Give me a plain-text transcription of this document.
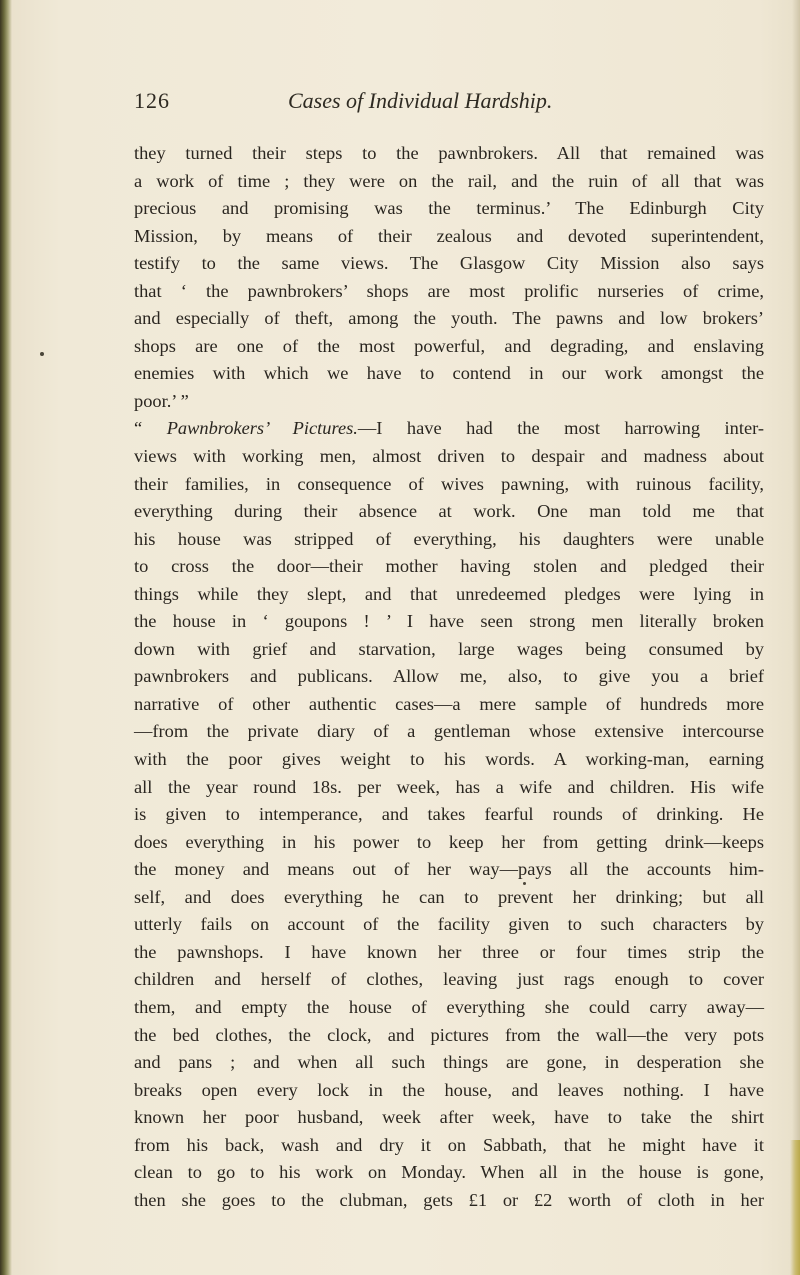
126	Cases of Individual Hardship.
they turned their steps to the pawnbrokers. All that remained was
a work of time ; they were on the rail, and the ruin of all that was
precious and promising was the terminus.’ The Edinburgh City
Mission, by means of their zealous and devoted superintendent,
testify to the same views. The Glasgow City Mission also says
that ‘ the pawnbrokers’ shops are most prolific nurseries of crime,
and especially of theft, among the youth. The pawns and low brokers’
shops are one of the most powerful, and degrading, and enslaving
enemies with which we have to contend in our work amongst the
poor.’ ”
“ Pawnbrokers’ Pictures.—I have had the most harrowing inter-
views with working men, almost driven to despair and madness about
their families, in consequence of wives pawning, with ruinous facility,
everything during their absence at work. One man told me that
his house was stripped of everything, his daughters were unable
to cross the door—their mother having stolen and pledged their
things while they slept, and that unredeemed pledges were lying in
the house in ‘ goupons ! ’ I have seen strong men literally broken
down with grief and starvation, large wages being consumed by
pawnbrokers and publicans. Allow me, also, to give you a brief
narrative of other authentic cases—a mere sample of hundreds more
—from the private diary of a gentleman whose extensive intercourse
with the poor gives weight to his words. A working-man, earning
all the year round 18s. per week, has a wife and children. His wife
is given to intemperance, and takes fearful rounds of drinking. He
does everything in his power to keep her from getting drink—keeps
the money and means out of her way—pays all the accounts him-
self, and does everything he can to prevent her drinking; but all
utterly fails on account of the facility given to such characters by
the pawnshops. I have known her three or four times strip the
children and herself of clothes, leaving just rags enough to cover
them, and empty the house of everything she could carry away—
the bed clothes, the clock, and pictures from the wall—the very pots
and pans ; and when all such things are gone, in desperation she
breaks open every lock in the house, and leaves nothing. I have
known her poor husband, week after week, have to take the shirt
from his back, wash and dry it on Sabbath, that he might have it
clean to go to his work on Monday. When all in the house is gone,
then she goes to the clubman, gets £1 or £2 worth of cloth in her
